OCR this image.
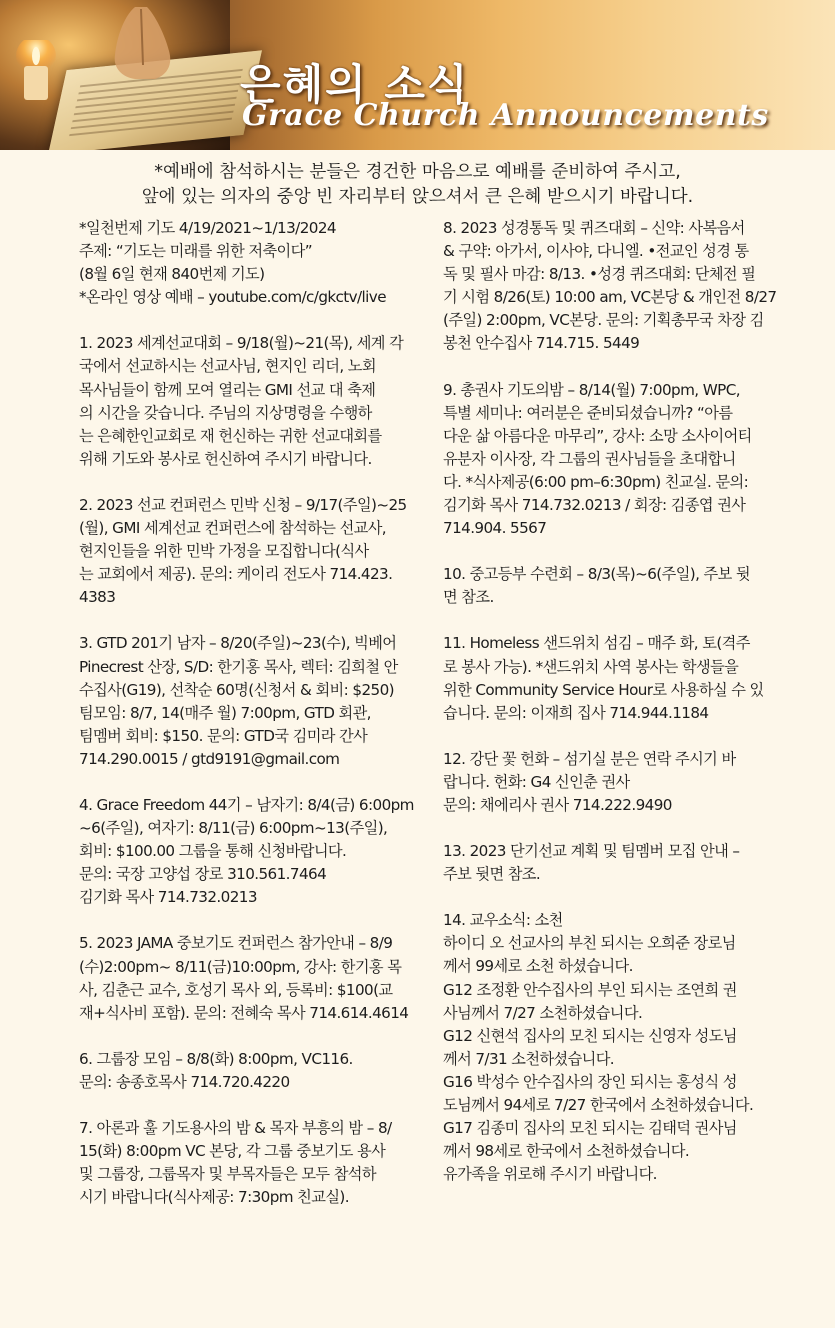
은혜의 소식
Grace Church Announcements
*예배에 참석하시는 분들은 경건한 마음으로 예배를 준비하여 주시고,
앞에 있는 의자의 중앙 빈 자리부터 앉으셔서 큰 은혜 받으시기 바랍니다.
*일천번제 기도 4/19/2021~1/13/2024
주제: “기도는 미래를 위한 저축이다”
(8월 6일 현재 840번제 기도)
*온라인 영상 예배 – youtube.com/c/gkctv/live
1. 2023 세계선교대회 – 9/18(월)~21(목), 세계 각
국에서 선교하시는 선교사님, 현지인 리더, 노회
목사님들이 함께 모여 열리는 GMI 선교 대 축제
의 시간을 갖습니다. 주님의 지상명령을 수행하
는 은혜한인교회로 재 헌신하는 귀한 선교대회를
위해 기도와 봉사로 헌신하여 주시기 바랍니다.
2. 2023 선교 컨퍼런스 민박 신청 – 9/17(주일)~25
(월), GMI 세계선교 컨퍼런스에 참석하는 선교사,
현지인들을 위한 민박 가정을 모집합니다(식사
는 교회에서 제공). 문의: 케이리 전도사 714.423.
4383
3. GTD 201기 남자 – 8/20(주일)~23(수), 빅베어
Pinecrest 산장, S/D: 한기홍 목사, 렉터: 김희철 안
수집사(G19), 선착순 60명(신청서 & 회비: $250)
팀모임: 8/7, 14(매주 월) 7:00pm, GTD 회관,
팀멤버 회비: $150. 문의: GTD국 김미라 간사
714.290.0015 / gtd9191@gmail.com
4. Grace Freedom 44기 – 남자기: 8/4(금) 6:00pm
~6(주일), 여자기: 8/11(금) 6:00pm~13(주일),
회비: $100.00 그룹을 통해 신청바랍니다.
문의: 국장 고양섭 장로 310.561.7464
김기화 목사 714.732.0213
5. 2023 JAMA 중보기도 컨퍼런스 참가안내 – 8/9
(수)2:00pm~ 8/11(금)10:00pm, 강사: 한기홍 목
사, 김춘근 교수, 호성기 목사 외, 등록비: $100(교
재+식사비 포함). 문의: 전혜숙 목사 714.614.4614
6. 그룹장 모임 – 8/8(화) 8:00pm, VC116.
문의: 송종호목사 714.720.4220
7. 아론과 훌 기도용사의 밤 & 목자 부흥의 밤 – 8/
15(화) 8:00pm VC 본당, 각 그룹 중보기도 용사
및 그룹장, 그룹목자 및 부목자들은 모두 참석하
시기 바랍니다(식사제공: 7:30pm 친교실).
8. 2023 성경통독 및 퀴즈대회 – 신약: 사복음서
& 구약: 아가서, 이사야, 다니엘. •전교인 성경 통
독 및 필사 마감: 8/13. •성경 퀴즈대회: 단체전 필
기 시험 8/26(토) 10:00 am, VC본당 & 개인전 8/27
(주일) 2:00pm, VC본당. 문의: 기획총무국 차장 김
봉천 안수집사 714.715. 5449
9. 총권사 기도의밤 – 8/14(월) 7:00pm, WPC,
특별 세미나: 여러분은 준비되셨습니까? “아름
다운 삶 아름다운 마무리”, 강사: 소망 소사이어티
유분자 이사장, 각 그룹의 권사님들을 초대합니
다. *식사제공(6:00 pm–6:30pm) 친교실. 문의:
김기화 목사 714.732.0213 / 회장: 김종엽 권사
714.904. 5567
10. 중고등부 수련회 – 8/3(목)~6(주일), 주보 뒷
면 참조.
11. Homeless 샌드위치 섬김 – 매주 화, 토(격주
로 봉사 가능). *샌드위치 사역 봉사는 학생들을
위한 Community Service Hour로 사용하실 수 있
습니다. 문의: 이재희 집사 714.944.1184
12. 강단 꽃 헌화 – 섬기실 분은 연락 주시기 바
랍니다. 헌화: G4 신인춘 권사
문의: 채에리사 권사 714.222.9490
13. 2023 단기선교 계획 및 팀멤버 모집 안내 –
주보 뒷면 참조.
14. 교우소식: 소천
하이디 오 선교사의 부친 되시는 오희준 장로님
께서 99세로 소천 하셨습니다.
G12 조정환 안수집사의 부인 되시는 조연희 권
사님께서 7/27 소천하셨습니다.
G12 신현석 집사의 모친 되시는 신영자 성도님
께서 7/31 소천하셨습니다.
G16 박성수 안수집사의 장인 되시는 홍성식 성
도님께서 94세로 7/27 한국에서 소천하셨습니다.
G17 김종미 집사의 모친 되시는 김태덕 권사님
께서 98세로 한국에서 소천하셨습니다.
유가족을 위로해 주시기 바랍니다.
